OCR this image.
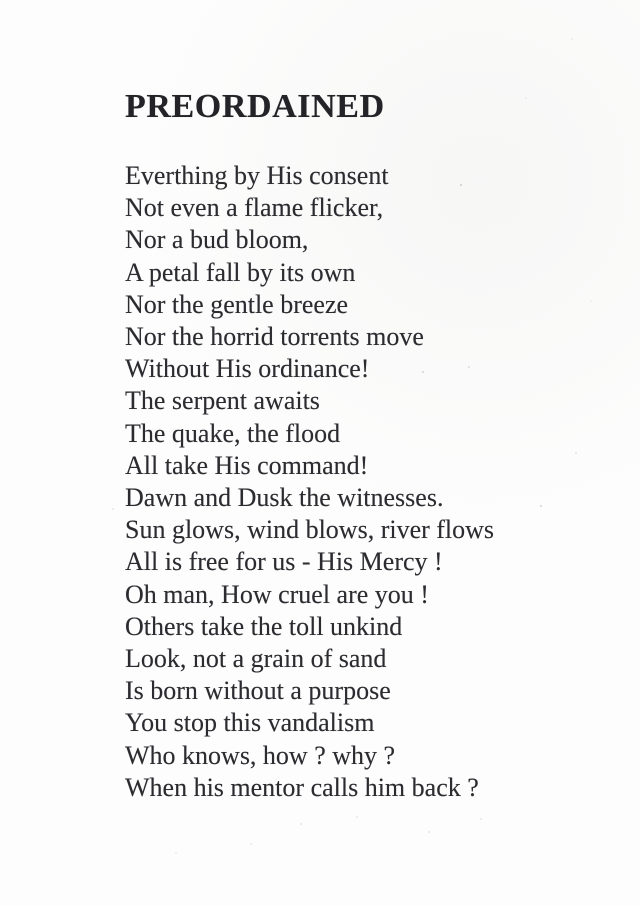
PREORDAINED
Everthing by His consent
Not even a flame flicker,
Nor a bud bloom,
A petal fall by its own
Nor the gentle breeze
Nor the horrid torrents move
Without His ordinance!
The serpent awaits
The quake, the flood
All take His command!
Dawn and Dusk the witnesses.
Sun glows, wind blows, river flows
All is free for us - His Mercy !
Oh man, How cruel are you !
Others take the toll unkind
Look, not a grain of sand
Is born without a purpose
You stop this vandalism
Who knows, how ? why ?
When his mentor calls him back ?
